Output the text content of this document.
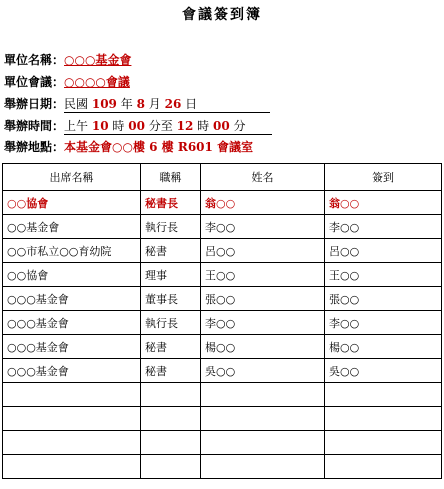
會議簽到簿
單位名稱：○○○基金會
單位會議：○○○○會議
舉辦日期：民國 109 年 8 月 26 日
舉辦時間：上午 10 時 00 分至 12 時 00 分
舉辦地點：本基金會○○樓 6 樓 R601 會議室
出席名稱	職稱	姓名	簽到
○○協會	秘書長	翁○○	翁○○
○○基金會	執行長	李○○	李○○
○○市私立○○育幼院	秘書	呂○○	呂○○
○○協會	理事	王○○	王○○
○○○基金會	董事長	張○○	張○○
○○○基金會	執行長	李○○	李○○
○○○基金會	秘書	楊○○	楊○○
○○○基金會	秘書	吳○○	吳○○
